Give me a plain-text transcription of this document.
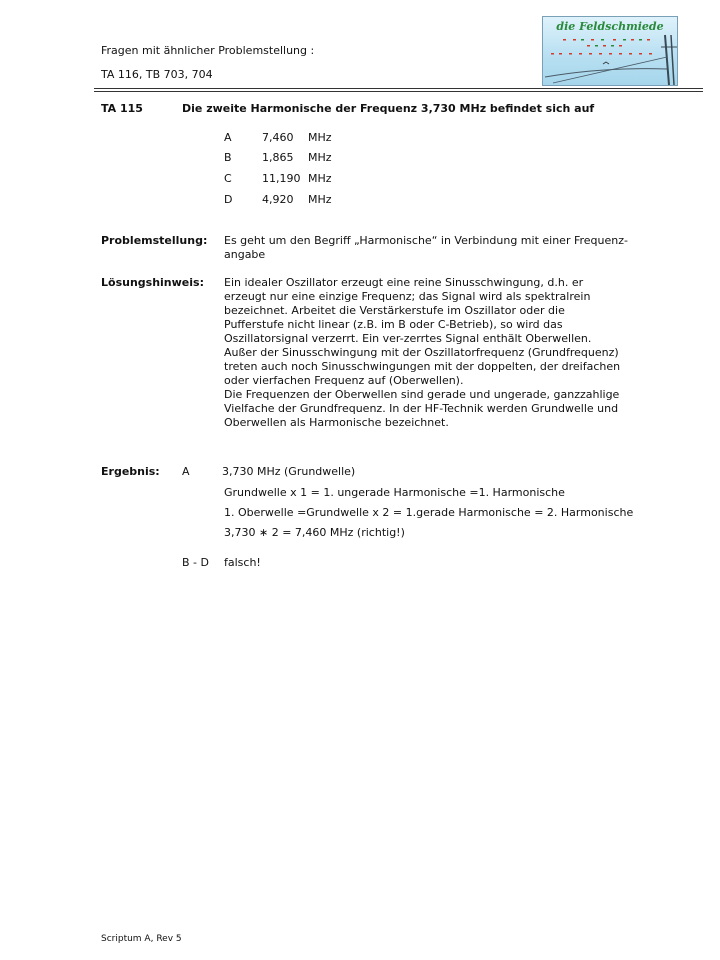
Fragen mit ähnlicher Problemstellung :
TA 116, TB 703, 704
die Feldschmiede
TA 115	Die zweite Harmonische der Frequenz 3,730 MHz befindet sich auf
A	7,460 MHz
B	1,865 MHz
C	11,190 MHz
D	4,920 MHz
Problemstellung: Es geht um den Begriff „Harmonische“ in Verbindung mit einer Frequenz-angabe
Lösungshinweis: Ein idealer Oszillator erzeugt eine reine Sinusschwingung, d.h. er erzeugt nur eine einzige Frequenz; das Signal wird als spektralrein bezeichnet. Arbeitet die Verstärkerstufe im Oszillator oder die Pufferstufe nicht linear (z.B. im B oder C-Betrieb), so wird das Oszillatorsignal verzerrt. Ein ver-zerrtes Signal enthält Oberwellen.
Außer der Sinusschwingung mit der Oszillatorfrequenz (Grundfrequenz) treten auch noch Sinusschwingungen mit der doppelten, der dreifachen oder vierfachen Frequenz auf (Oberwellen).
Die Frequenzen der Oberwellen sind gerade und ungerade, ganzzahlige Vielfache der Grundfrequenz. In der HF-Technik werden Grundwelle und Oberwellen als Harmonische bezeichnet.
Ergebnis: A	3,730 MHz (Grundwelle)
Grundwelle x 1 = 1. ungerade Harmonische =1. Harmonische
1. Oberwelle =Grundwelle x 2 = 1.gerade Harmonische = 2. Harmonische
3,730 ∗ 2 = 7,460 MHz (richtig!)
B - D falsch!
Scriptum A, Rev 5
